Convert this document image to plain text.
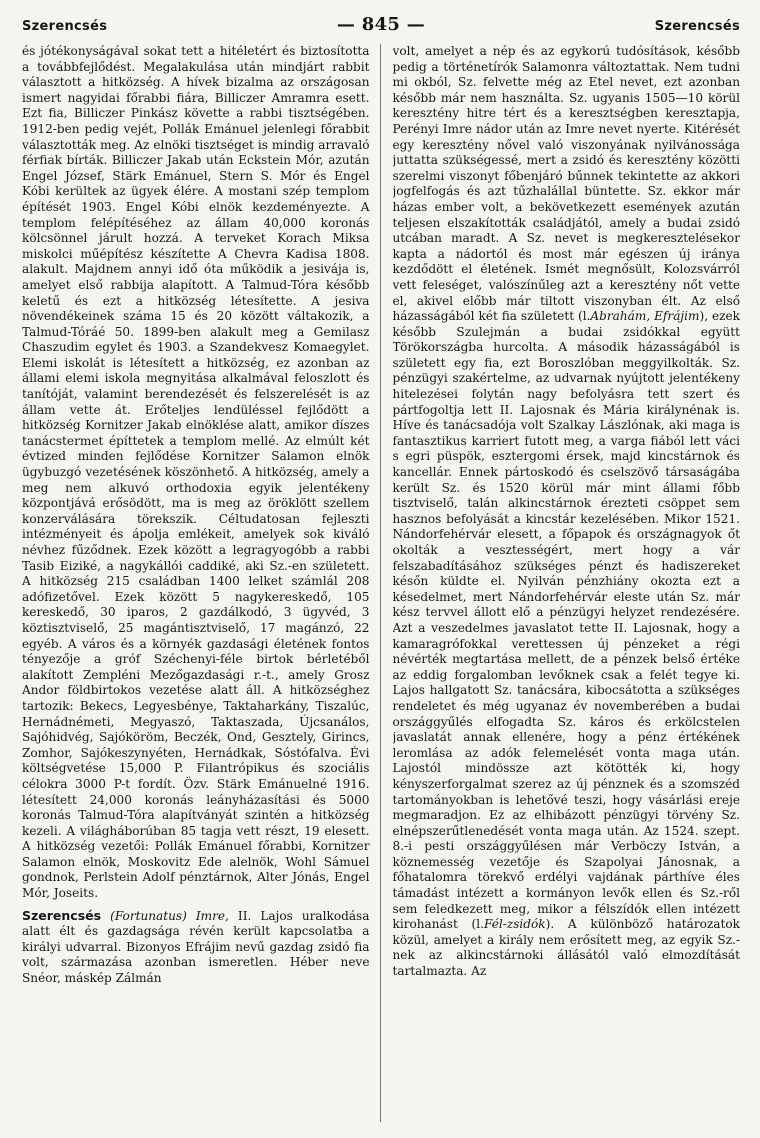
Szerencsés	— 845 —	Szerencsés

és jótékonyságával sokat tett a hitéletért és biztosította a továbbfejlődést. Megalakulása után mindjárt rabbit választott a hitközség. A hívek bizalma az országosan ismert nagyidai főrabbi fiára, Billiczer Amramra esett. Ezt fia, Billiczer Pinkász követte a rabbi tisztségében. 1912-ben pedig vejét, Pollák Emánuel jelenlegi főrabbit választották meg. Az elnöki tisztséget is mindig arravaló férfiak bírták. Billiczer Jakab után Eckstein Mór, azután Engel József, Stärk Emánuel, Stern S. Mór és Engel Kóbi kerültek az ügyek élére. A mostani szép templom építését 1903. Engel Kóbi elnök kezdeményezte. A templom felépítéséhez az állam 40,000 koronás kölcsönnel járult hozzá. A terveket Korach Miksa miskolci műépítész készítette A Chevra Kadisa 1808. alakult. Majdnem annyi idő óta működik a jesivája is, amelyet első rabbija alapított. A Talmud-Tóra később keletű és ezt a hitközség létesítette. A jesiva növendékeinek száma 15 és 20 között váltakozik, a Talmud-Tóráé 50. 1899-ben alakult meg a Gemilasz Chaszudim egylet és 1903. a Szandekvesz Komaegylet. Elemi iskolát is létesített a hitközség, ez azonban az állami elemi iskola megnyitása alkalmával feloszlott és tanítóját, valamint berendezését és felszerelését is az állam vette át. Erőteljes lendüléssel fejlődött a hitközség Kornitzer Jakab elnöklése alatt, amikor díszes tanácstermet építtetek a templom mellé. Az elmúlt két évtized minden fejlődése Kornitzer Salamon elnök ügybuzgó vezetésének köszönhető. A hitközség, amely a meg nem alkuvó orthodoxia egyik jelentékeny központjává erősödött, ma is meg az öröklött szellem konzerválására törekszik. Céltudatosan fejleszti intézményeit és ápolja emlékeit, amelyek sok kiváló névhez fűződnek. Ezek között a legragyogóbb a rabbi Tasib Eiziké, a nagykállói caddiké, aki Sz.-en született. A hitközség 215 családban 1400 lelket számlál 208 adófizetővel. Ezek között 5 nagykereskedő, 105 kereskedő, 30 iparos, 2 gazdálkodó, 3 ügyvéd, 3 köztisztviselő, 25 magántisztviselő, 17 magánzó, 22 egyéb. A város és a környék gazdasági életének fontos tényezője a gróf Széchenyi-féle birtok bérletéből alakított Zempléni Mezőgazdasági r.-t., amely Grosz Andor földbirtokos vezetése alatt áll. A hitközséghez tartozik: Bekecs, Legyesbénye, Taktaharkány, Tiszalúc, Hernádnémeti, Megyaszó, Taktaszada, Újcsanálos, Sajóhidvég, Sajóköröm, Beczék, Ond, Gesztely, Girincs, Zomhor, Sajókeszynyéten, Hernádkak, Sóstófalva. Évi költségvetése 15,000 P. Filantrópikus és szociális célokra 3000 P-t fordít. Özv. Stärk Emánuelné 1916. létesített 24,000 koronás leányházasítási és 5000 koronás Talmud-Tóra alapítványát szintén a hitközség kezeli. A világháborúban 85 tagja vett részt, 19 elesett. A hitközség vezetői: Pollák Emánuel főrabbi, Kornitzer Salamon elnök, Moskovitz Ede alelnök, Wohl Sámuel gondnok, Perlstein Adolf pénztárnok, Alter Jónás, Engel Mór, Joseits.

Szerencsés (Fortunatus) Imre, II. Lajos uralkodása alatt élt és gazdagsága révén került kapcsolatba a királyi udvarral. Bizonyos Efrájim nevű gazdag zsidó fia volt, származása azonban ismeretlen. Héber neve Snéor, máskép Zálmán

volt, amelyet a nép és az egykorú tudósítások, később pedig a történetírók Salamonra változtattak. Nem tudni mi okból, Sz. felvette még az Etel nevet, ezt azonban később már nem használta. Sz. ugyanis 1505—10 körül keresztény hitre tért és a keresztségben keresztapja, Perényi Imre nádor után az Imre nevet nyerte. Kitérését egy keresztény nővel való viszonyának nyilvánossága juttatta szükségessé, mert a zsidó és keresztény közötti szerelmi viszonyt főbenjáró bűnnek tekintette az akkori jogfelfogás és azt tűzhalállal büntette. Sz. ekkor már házas ember volt, a bekövetkezett események azután teljesen elszakították családjától, amely a budai zsidó utcában maradt. A Sz. nevet is megkeresztelésekor kapta a nádortól és most már egészen új iránya kezdődött el életének. Ismét megnősült, Kolozsvárról vett feleséget, valószínűleg azt a keresztény nőt vette el, akivel előbb már tiltott viszonyban élt. Az első házasságából két fia született (l.Abrahám, Efrájim), ezek később Szulejmán a budai zsidókkal együtt Törökországba hurcolta. A második házasságából is született egy fia, ezt Boroszlóban meggyilkolták. Sz. pénzügyi szakértelme, az udvarnak nyújtott jelentékeny hitelezései folytán nagy befolyásra tett szert és pártfogoltja lett II. Lajosnak és Mária királynénak is. Híve és tanácsadója volt Szalkay Lászlónak, aki maga is fantasztikus karriert futott meg, a varga fiából lett váci s egri püspök, esztergomi érsek, majd kincstárnok és kancellár. Ennek pártoskodó és cselszövő társaságába került Sz. és 1520 körül már mint állami főbb tisztviselő, talán alkincstárnok érezteti csöppet sem hasznos befolyását a kincstár kezelésében. Mikor 1521. Nándorfehérvár elesett, a főpapok és országnagyok őt okolták a vesztességért, mert hogy a vár felszabadításához szükséges pénzt és hadiszereket későn küldte el. Nyilván pénzhiány okozta ezt a késedelmet, mert Nándorfehérvár eleste után Sz. már kész tervvel állott elő a pénzügyi helyzet rendezésére. Azt a veszedelmes javaslatot tette II. Lajosnak, hogy a kamaragrófokkal verettessen új pénzeket a régi névérték megtartása mellett, de a pénzek belső értéke az eddig forgalomban levőknek csak a felét tegye ki. Lajos hallgatott Sz. tanácsára, kibocsátotta a szükséges rendeletet és még ugyanaz év novemberében a budai országgyűlés elfogadta Sz. káros és erkölcstelen javaslatát annak ellenére, hogy a pénz értékének leromlása az adók felemelését vonta maga után. Lajostól mindössze azt kötötték ki, hogy kényszerforgalmat szerez az új pénznek és a szomszéd tartományokban is lehetővé teszi, hogy vásárlási ereje megmaradjon. Ez az elhibázott pénzügyi törvény Sz. elnépszerűtlenedését vonta maga után. Az 1524. szept. 8.-i pesti országgyűlésen már Verböczy István, a köznemesség vezetője és Szapolyai Jánosnak, a főhatalomra törekvő erdélyi vajdának párthíve éles támadást intézett a kormányon levők ellen és Sz.-ről sem feledkezett meg, mikor a félszídók ellen intézett kirohanást (l.Fél-zsidók). A különböző határozatok közül, amelyet a király nem erősített meg, az egyik Sz.-nek az alkincstárnoki állásától való elmozdítását tartalmazta. Az
